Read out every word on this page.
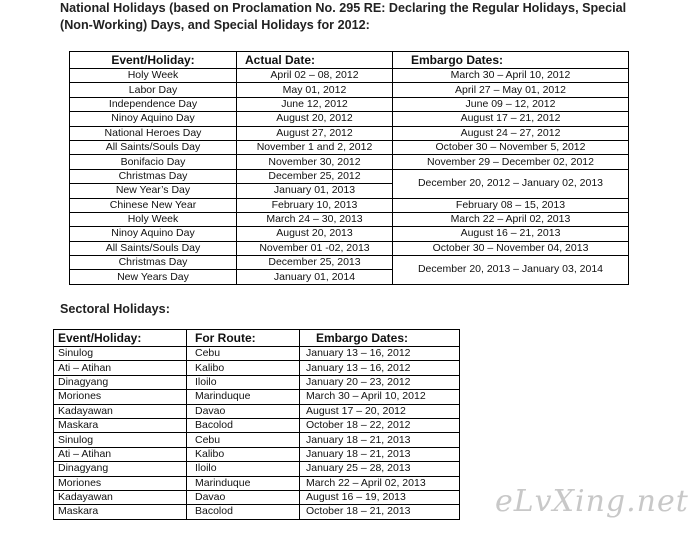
National Holidays (based on Proclamation No. 295 RE: Declaring the Regular Holidays, Special (Non-Working) Days, and Special Holidays for 2012:
Event/Holiday:	Actual Date:	Embargo Dates:
Holy Week	April 02 – 08, 2012	March 30 – April 10, 2012
Labor Day	May 01, 2012	April 27 – May 01, 2012
Independence Day	June 12, 2012	June 09 – 12, 2012
Ninoy Aquino Day	August 20, 2012	August 17 – 21, 2012
National Heroes Day	August 27, 2012	August 24 – 27, 2012
All Saints/Souls Day	November 1 and 2, 2012	October 30 – November 5, 2012
Bonifacio Day	November 30, 2012	November 29 – December 02, 2012
Christmas Day	December 25, 2012	December 20, 2012 – January 02, 2013
New Year’s Day	January 01, 2013	
Chinese New Year	February 10, 2013	February 08 – 15, 2013
Holy Week	March 24 – 30, 2013	March 22 – April 02, 2013
Ninoy Aquino Day	August 20, 2013	August 16 – 21, 2013
All Saints/Souls Day	November 01 -02, 2013	October 30 – November 04, 2013
Christmas Day	December 25, 2013	December 20, 2013 – January 03, 2014
New Years Day	January 01, 2014	
Sectoral Holidays:
Event/Holiday:	For Route:	Embargo Dates:
Sinulog	Cebu	January 13 – 16, 2012
Ati – Atihan	Kalibo	January 13 – 16, 2012
Dinagyang	Iloilo	January 20 – 23, 2012
Moriones	Marinduque	March 30 – April 10, 2012
Kadayawan	Davao	August 17 – 20, 2012
Maskara	Bacolod	October 18 – 22, 2012
Sinulog	Cebu	January 18 – 21, 2013
Ati – Atihan	Kalibo	January 18 – 21, 2013
Dinagyang	Iloilo	January 25 – 28, 2013
Moriones	Marinduque	March 22 – April 02, 2013
Kadayawan	Davao	August 16 – 19, 2013
Maskara	Bacolod	October 18 – 21, 2013	eLvXing.net
